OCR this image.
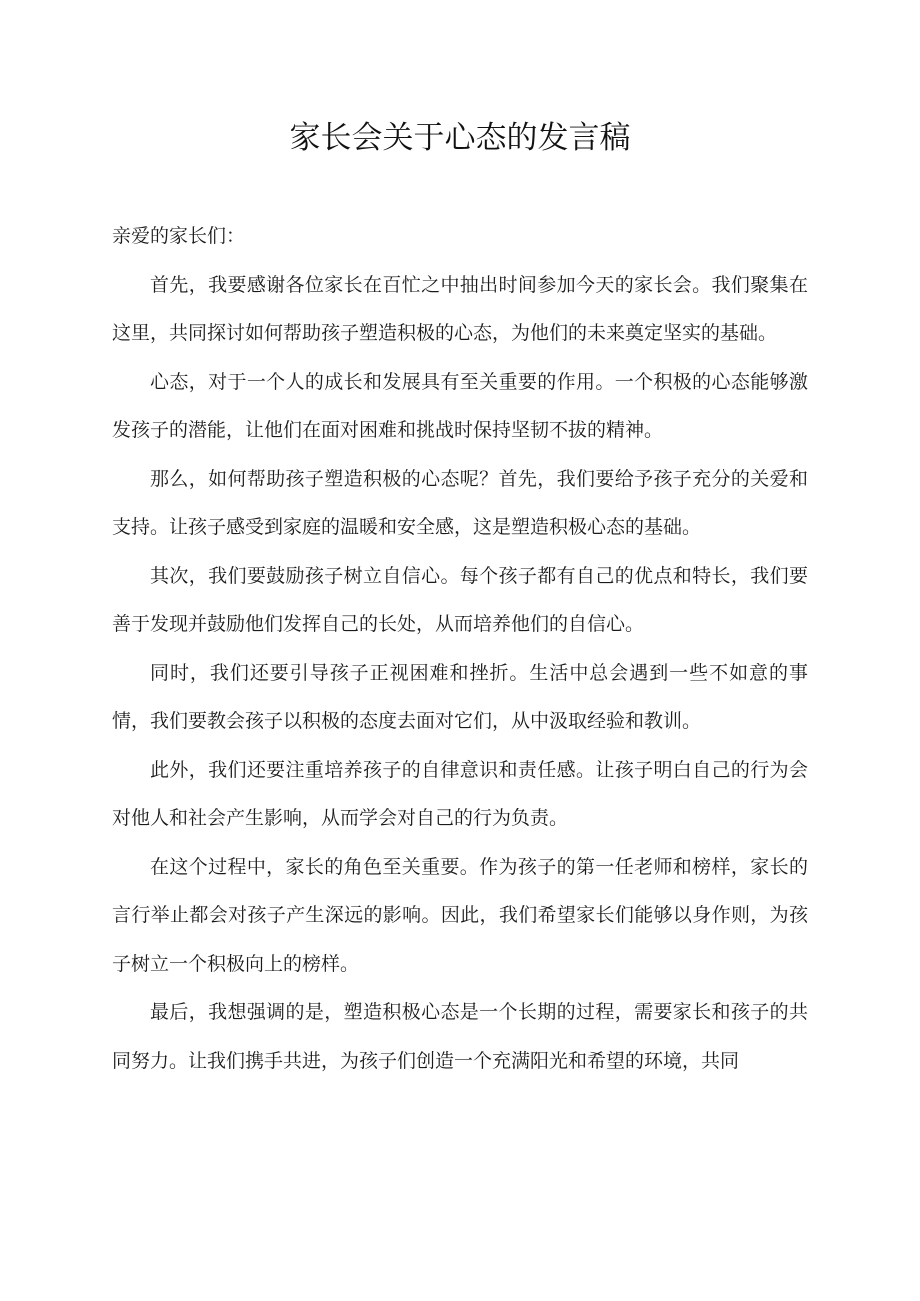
家长会关于心态的发言稿

亲爱的家长们：

首先，我要感谢各位家长在百忙之中抽出时间参加今天的家长会。我们聚集在这里，共同探讨如何帮助孩子塑造积极的心态，为他们的未来奠定坚实的基础。

心态，对于一个人的成长和发展具有至关重要的作用。一个积极的心态能够激发孩子的潜能，让他们在面对困难和挑战时保持坚韧不拔的精神。

那么，如何帮助孩子塑造积极的心态呢？首先，我们要给予孩子充分的关爱和支持。让孩子感受到家庭的温暖和安全感，这是塑造积极心态的基础。

其次，我们要鼓励孩子树立自信心。每个孩子都有自己的优点和特长，我们要善于发现并鼓励他们发挥自己的长处，从而培养他们的自信心。

同时，我们还要引导孩子正视困难和挫折。生活中总会遇到一些不如意的事情，我们要教会孩子以积极的态度去面对它们，从中汲取经验和教训。

此外，我们还要注重培养孩子的自律意识和责任感。让孩子明白自己的行为会对他人和社会产生影响，从而学会对自己的行为负责。

在这个过程中，家长的角色至关重要。作为孩子的第一任老师和榜样，家长的言行举止都会对孩子产生深远的影响。因此，我们希望家长们能够以身作则，为孩子树立一个积极向上的榜样。

最后，我想强调的是，塑造积极心态是一个长期的过程，需要家长和孩子的共同努力。让我们携手共进，为孩子们创造一个充满阳光和希望的环境，共同
